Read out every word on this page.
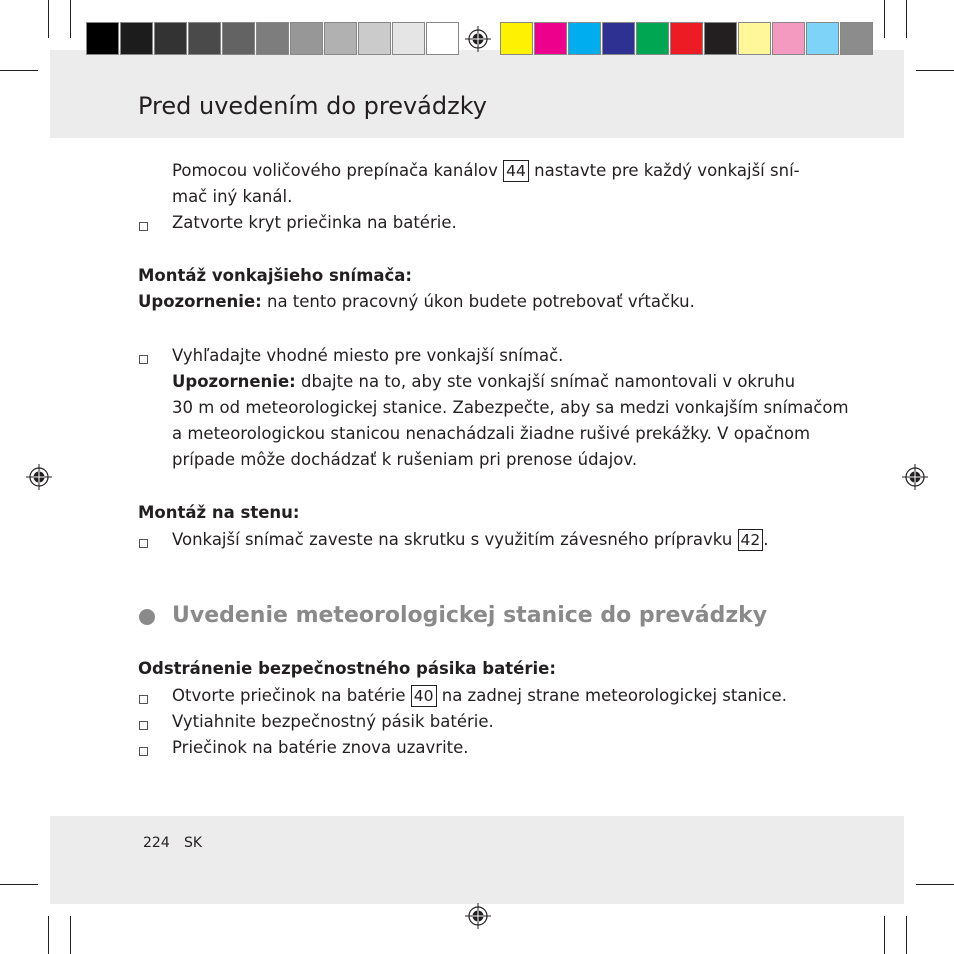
Pred uvedením do prevádzky
Pomocou voličového prepínača kanálov 44 nastavte pre každý vonkajší sní-
mač iný kanál.
Zatvorte kryt priečinka na batérie.
Montáž vonkajšieho snímača:
Upozornenie: na tento pracovný úkon budete potrebovať vŕtačku.
Vyhľadajte vhodné miesto pre vonkajší snímač.
Upozornenie: dbajte na to, aby ste vonkajší snímač namontovali v okruhu
30 m od meteorologickej stanice. Zabezpečte, aby sa medzi vonkajším snímačom
a meteorologickou stanicou nenachádzali žiadne rušivé prekážky. V opačnom
prípade môže dochádzať k rušeniam pri prenose údajov.
Montáž na stenu:
Vonkajší snímač zaveste na skrutku s využitím závesného prípravku 42 .
Uvedenie meteorologickej stanice do prevádzky
Odstránenie bezpečnostného pásika batérie:
Otvorte priečinok na batérie 40 na zadnej strane meteorologickej stanice.
Vytiahnite bezpečnostný pásik batérie.
Priečinok na batérie znova uzavrite.
224 SK
